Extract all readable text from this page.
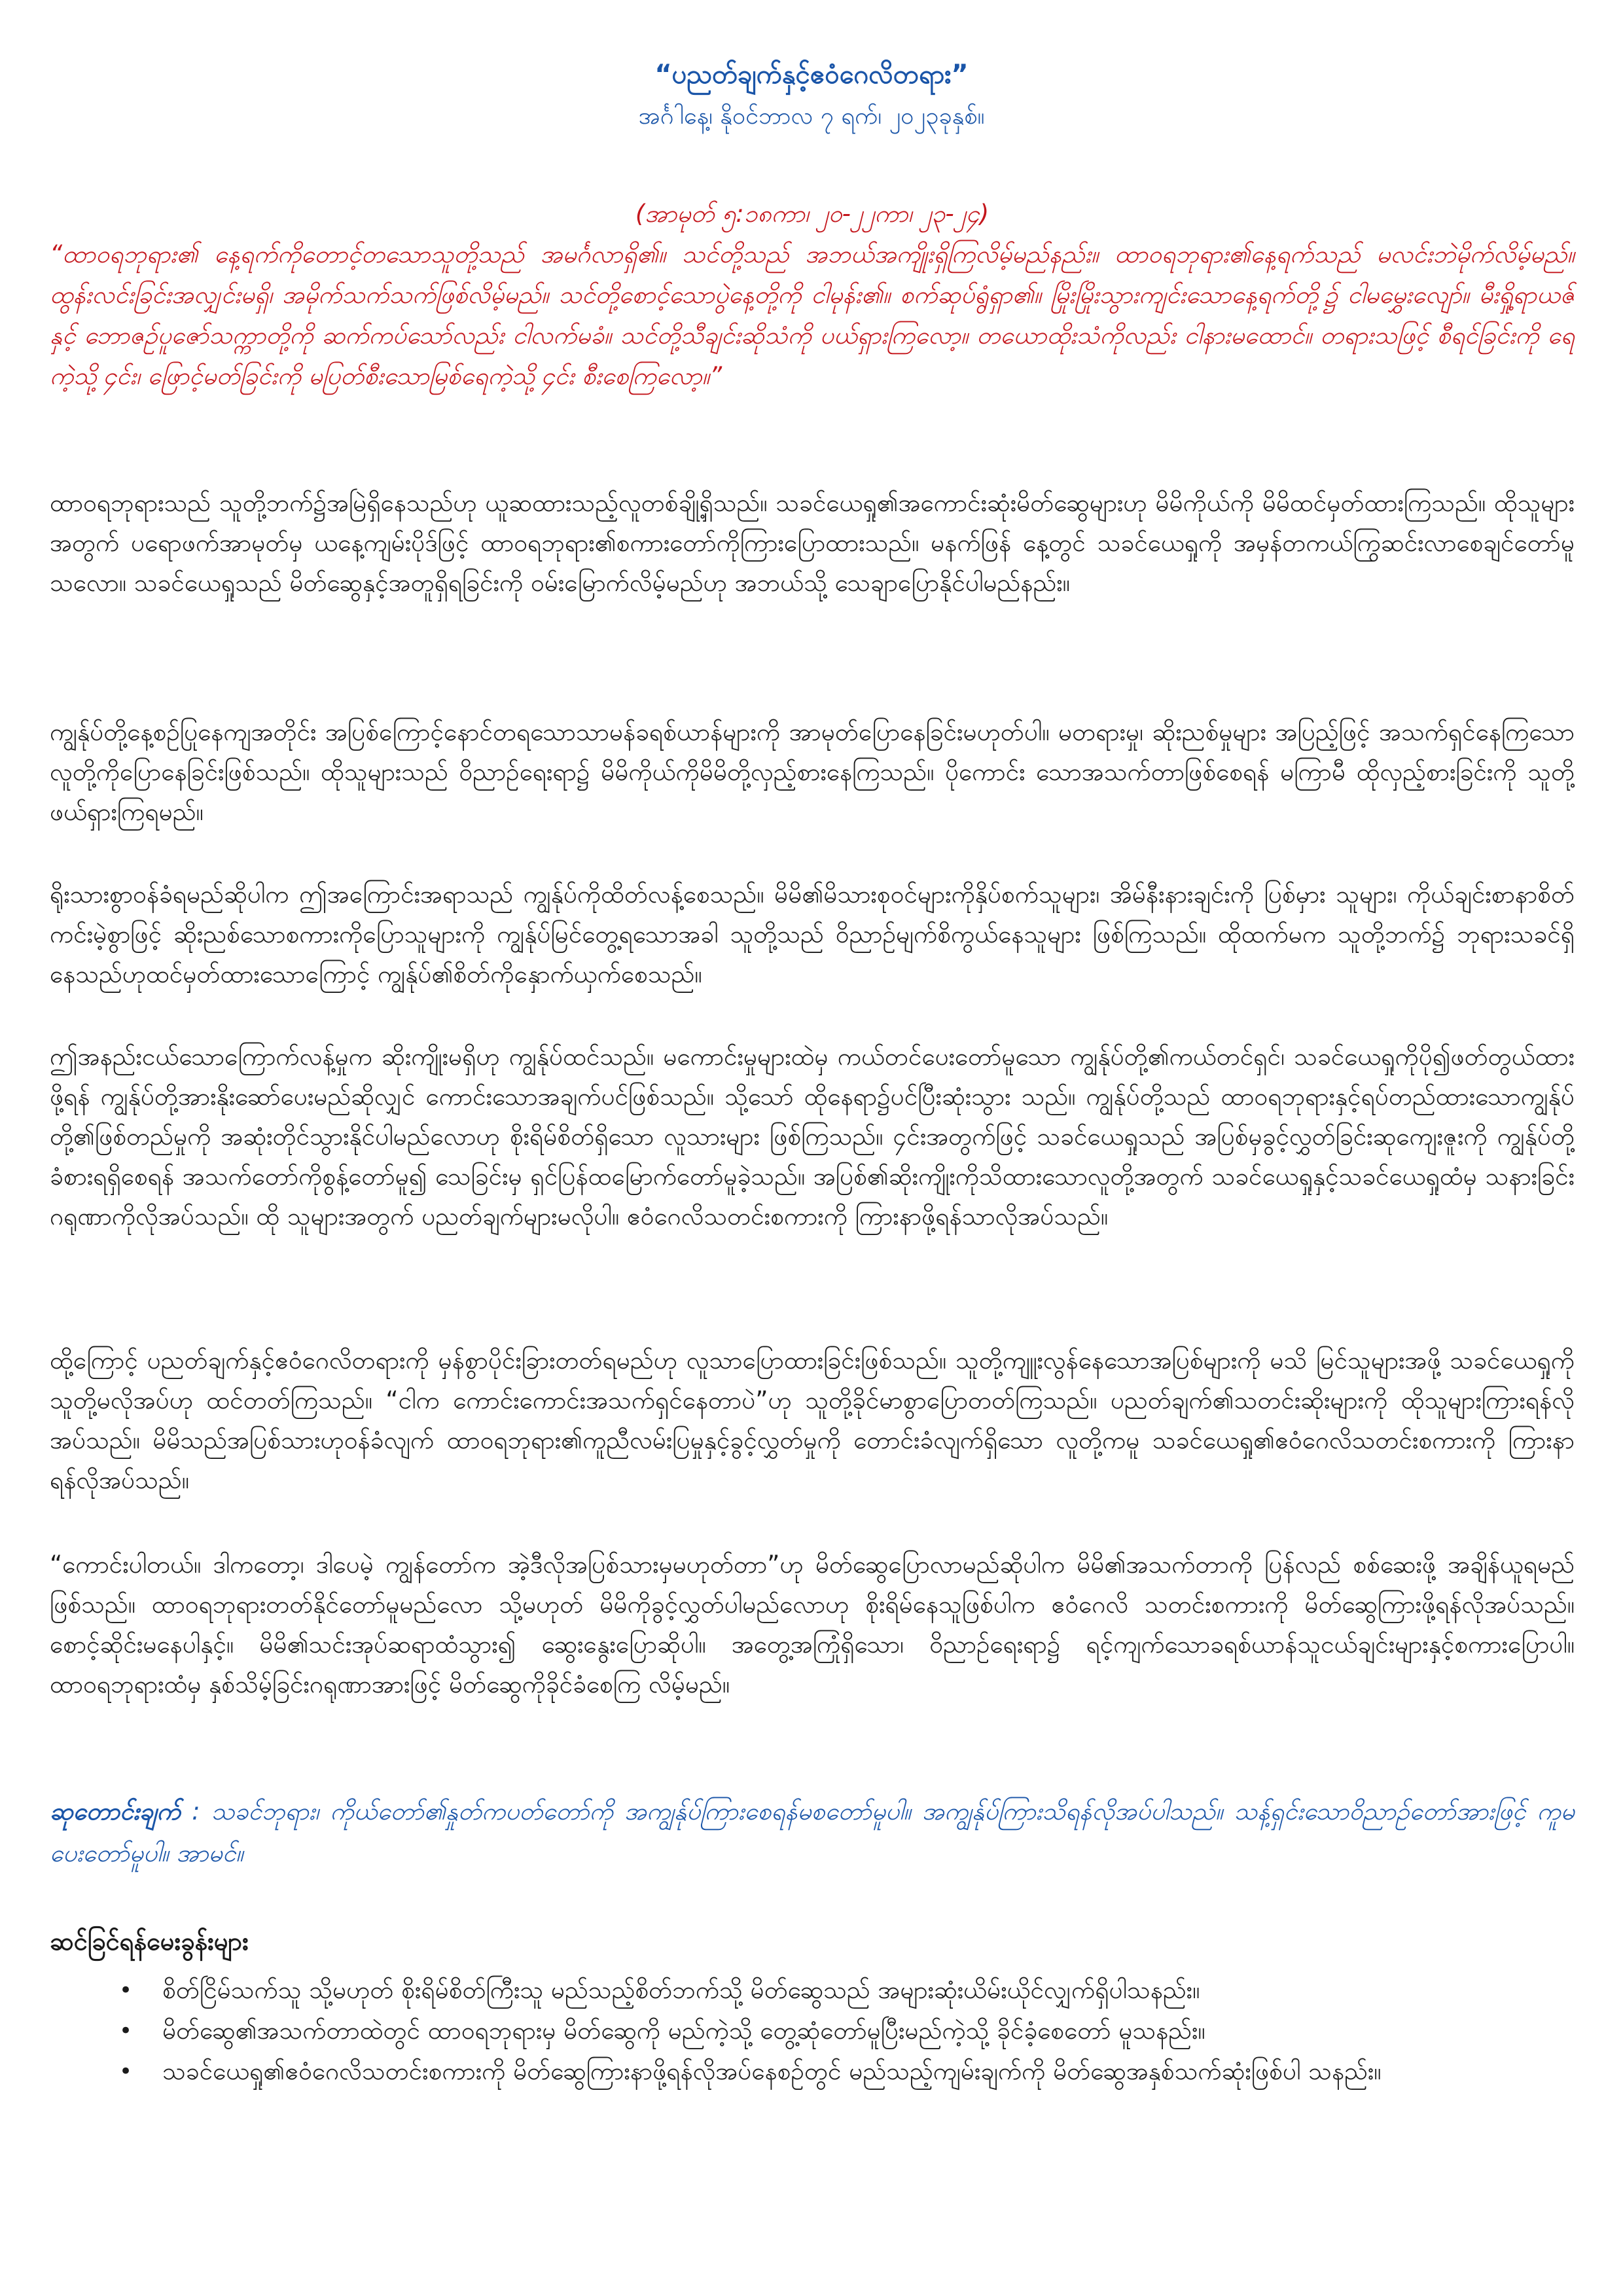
“ပညတ်ချက်နှင့်ဧဝံဂေလိတရား”
အင်္ဂါနေ့၊ နိုဝင်ဘာလ ၇ ရက်၊ ၂၀၂၃ခုနှစ်။
(အာမုတ် ၅:၁၈ကာ၊ ၂၀-၂၂ကာ၊ ၂၃-၂၄)
“ထာဝရဘုရား၏ နေ့ရက်ကိုတောင့်တသောသူတို့သည် အမင်္ဂလာရှိ၏။ သင်တို့သည် အဘယ်အကျိုးရှိကြလိမ့်မည်နည်း။ ထာဝရဘုရား၏နေ့ရက်သည် မလင်းဘဲမိုက်လိမ့်မည်။ ထွန်းလင်းခြင်းအလျှင်းမရှိ၊ အမိုက်သက်သက်ဖြစ်လိမ့်မည်။ သင်တို့စောင့်သောပွဲနေ့တို့ကို ငါမုန်း၏။ စက်ဆုပ်ရွံရှာ၏။ မြိုးမြိုးသွားကျင်းသောနေ့ရက်တို့၌ ငါမမွှေးလျော်။ မီးရှို့ရာယဇ်နှင့် ဘောဇဉ်ပူဇော်သက္ကာတို့ကို ဆက်ကပ်သော်လည်း ငါလက်မခံ။ သင်တို့သီချင်းဆိုသံကို ပယ်ရှားကြလော့။ တယောထိုးသံကိုလည်း ငါနားမထောင်။ တရားသဖြင့် စီရင်ခြင်းကို ရေကဲ့သို့၄င်း၊ ဖြောင့်မတ်ခြင်းကို မပြတ်စီးသောမြစ်ရေကဲ့သို့၄င်း စီးစေကြလော့။”
ထာဝရဘုရားသည် သူတို့ဘက်၌အမြဲရှိနေသည်ဟု ယူဆထားသည့်လူတစ်ချို့ရှိသည်။ သခင်ယေရှု၏အကောင်းဆုံးမိတ်ဆွေများဟု မိမိကိုယ်ကို မိမိထင်မှတ်ထားကြသည်။ ထိုသူများအတွက် ပရောဖက်အာမုတ်မှ ယနေ့ကျမ်းပိုဒ်ဖြင့် ထာဝရဘုရား၏စကားတော်ကိုကြားပြောထားသည်။ မနက်ဖြန် နေ့တွင် သခင်ယေရှုကို အမှန်တကယ်ကြွဆင်းလာစေချင်တော်မူသလော။ သခင်ယေရှုသည် မိတ်ဆွေနှင့်အတူရှိရခြင်းကို ဝမ်းမြောက်လိမ့်မည်ဟု အဘယ်သို့ သေချာပြောနိုင်ပါမည်နည်း။
ကျွန်ုပ်တို့နေ့စဉ်ပြုနေကျအတိုင်း အပြစ်ကြောင့်နောင်တရသောသာမန်ခရစ်ယာန်များကို အာမုတ်ပြောနေခြင်းမဟုတ်ပါ။ မတရားမှု၊ ဆိုးညစ်မှုများ အပြည့်ဖြင့် အသက်ရှင်နေကြသောလူတို့ကိုပြောနေခြင်းဖြစ်သည်။ ထိုသူများသည် ဝိညာဉ်ရေးရာ၌ မိမိကိုယ်ကိုမိမိတို့လှည့်စားနေကြသည်။ ပိုကောင်း သောအသက်တာဖြစ်စေရန် မကြာမီ ထိုလှည့်စားခြင်းကို သူတို့ဖယ်ရှားကြရမည်။
ရိုးသားစွာဝန်ခံရမည်ဆိုပါက ဤအကြောင်းအရာသည် ကျွန်ုပ်ကိုထိတ်လန့်စေသည်။ မိမိ၏မိသားစုဝင်များကိုနှိပ်စက်သူများ၊ အိမ်နီးနားချင်းကို ပြစ်မှား သူများ၊ ကိုယ်ချင်းစာနာစိတ်ကင်းမဲ့စွာဖြင့် ဆိုးညစ်သောစကားကိုပြောသူများကို ကျွန်ုပ်မြင်တွေ့ရသောအခါ သူတို့သည် ဝိညာဉ်မျက်စိကွယ်နေသူများ ဖြစ်ကြသည်။ ထိုထက်မက သူတို့ဘက်၌ ဘုရားသခင်ရှိနေသည်ဟုထင်မှတ်ထားသောကြောင့် ကျွန်ုပ်၏စိတ်ကိုနှောက်ယှက်စေသည်။
ဤအနည်းငယ်သောကြောက်လန့်မှုက ဆိုးကျိုးမရှိဟု ကျွန်ုပ်ထင်သည်။ မကောင်းမှုများထဲမှ ကယ်တင်ပေးတော်မူသော ကျွန်ုပ်တို့၏ကယ်တင်ရှင်၊ သခင်ယေရှုကိုပို၍ဖတ်တွယ်ထားဖို့ရန် ကျွန်ုပ်တို့အားနိုးဆော်ပေးမည်ဆိုလျှင် ကောင်းသောအချက်ပင်ဖြစ်သည်။ သို့သော် ထိုနေရာ၌ပင်ပြီးဆုံးသွား သည်။ ကျွန်ုပ်တို့သည် ထာဝရဘုရားနှင့်ရပ်တည်ထားသောကျွန်ုပ်တို့၏ဖြစ်တည်မှုကို အဆုံးတိုင်သွားနိုင်ပါမည်လောဟု စိုးရိမ်စိတ်ရှိသော လူသားများ ဖြစ်ကြသည်။ ၄င်းအတွက်ဖြင့် သခင်ယေရှုသည် အပြစ်မှခွင့်လွှတ်ခြင်းဆုကျေးဇူးကို ကျွန်ုပ်တို့ခံစားရရှိစေရန် အသက်တော်ကိုစွန့်တော်မူ၍ သေခြင်းမှ ရှင်ပြန်ထမြောက်တော်မူခဲ့သည်။ အပြစ်၏ဆိုးကျိုးကိုသိထားသောလူတို့အတွက် သခင်ယေရှုနှင့်သခင်ယေရှုထံမှ သနားခြင်းဂရုဏာကိုလိုအပ်သည်။ ထို သူများအတွက် ပညတ်ချက်များမလိုပါ။ ဧဝံဂေလိသတင်းစကားကို ကြားနာဖို့ရန်သာလိုအပ်သည်။
ထို့ကြောင့် ပညတ်ချက်နှင့်ဧဝံဂေလိတရားကို မှန်စွာပိုင်းခြားတတ်ရမည်ဟု လူသာပြောထားခြင်းဖြစ်သည်။ သူတို့ကျူးလွန်နေသောအပြစ်များကို မသိ မြင်သူများအဖို့ သခင်ယေရှုကို သူတို့မလိုအပ်ဟု ထင်တတ်ကြသည်။ “ငါက ကောင်းကောင်းအသက်ရှင်နေတာပဲ”ဟု သူတို့ခိုင်မာစွာပြောတတ်ကြသည်။ ပညတ်ချက်၏သတင်းဆိုးများကို ထိုသူများကြားရန်လိုအပ်သည်။ မိမိသည်အပြစ်သားဟုဝန်ခံလျက် ထာဝရဘုရား၏ကူညီလမ်းပြမှုနှင့်ခွင့်လွှတ်မှုကို တောင်းခံလျက်ရှိသော လူတို့ကမူ သခင်ယေရှု၏ဧဝံဂေလိသတင်းစကားကို ကြားနာရန်လိုအပ်သည်။
“ကောင်းပါတယ်။ ဒါကတော့၊ ဒါပေမဲ့ ကျွန်တော်က အဲ့ဒီလိုအပြစ်သားမှမဟုတ်တာ”ဟု မိတ်ဆွေပြောလာမည်ဆိုပါက မိမိ၏အသက်တာကို ပြန်လည် စစ်ဆေးဖို့ အချိန်ယူရမည်ဖြစ်သည်။ ထာဝရဘုရားတတ်နိုင်တော်မူမည်လော သို့မဟုတ် မိမိကိုခွင့်လွှတ်ပါမည်လောဟု စိုးရိမ်နေသူဖြစ်ပါက ဧဝံဂေလိ သတင်းစကားကို မိတ်ဆွေကြားဖို့ရန်လိုအပ်သည်။ စောင့်ဆိုင်းမနေပါနှင့်။ မိမိ၏သင်းအုပ်ဆရာထံသွား၍ ဆွေးနွေးပြောဆိုပါ။ အတွေ့အကြုံရှိသော၊ ဝိညာဉ်ရေးရာ၌ ရင့်ကျက်သောခရစ်ယာန်သူငယ်ချင်းများနှင့်စကားပြောပါ။ ထာဝရဘုရားထံမှ နှစ်သိမ့်ခြင်းဂရုဏာအားဖြင့် မိတ်ဆွေကိုခိုင်ခံစေကြ လိမ့်မည်။
ဆုတောင်းချက် : သခင်ဘုရား၊ ကိုယ်တော်၏နှုတ်ကပတ်တော်ကို အကျွန်ုပ်ကြားစေရန်မစတော်မူပါ။ အကျွန်ုပ်ကြားသိရန်လိုအပ်ပါသည်။ သန့်ရှင်းသောဝိညာဉ်တော်အားဖြင့် ကူမပေးတော်မူပါ။ အာမင်။
ဆင်ခြင်ရန်မေးခွန်းများ
• စိတ်ငြိမ်သက်သူ သို့မဟုတ် စိုးရိမ်စိတ်ကြီးသူ မည်သည့်စိတ်ဘက်သို့ မိတ်ဆွေသည် အများဆုံးယိမ်းယိုင်လျှက်ရှိပါသနည်း။
• မိတ်ဆွေ၏အသက်တာထဲတွင် ထာဝရဘုရားမှ မိတ်ဆွေကို မည်ကဲ့သို့ တွေ့ဆုံတော်မူပြီးမည်ကဲ့သို့ ခိုင်ခံ့စေတော် မူသနည်း။
• သခင်ယေရှု၏ဧဝံဂေလိသတင်းစကားကို မိတ်ဆွေကြားနာဖို့ရန်လိုအပ်နေစဉ်တွင် မည်သည့်ကျမ်းချက်ကို မိတ်ဆွေအနှစ်သက်ဆုံးဖြစ်ပါ သနည်း။
